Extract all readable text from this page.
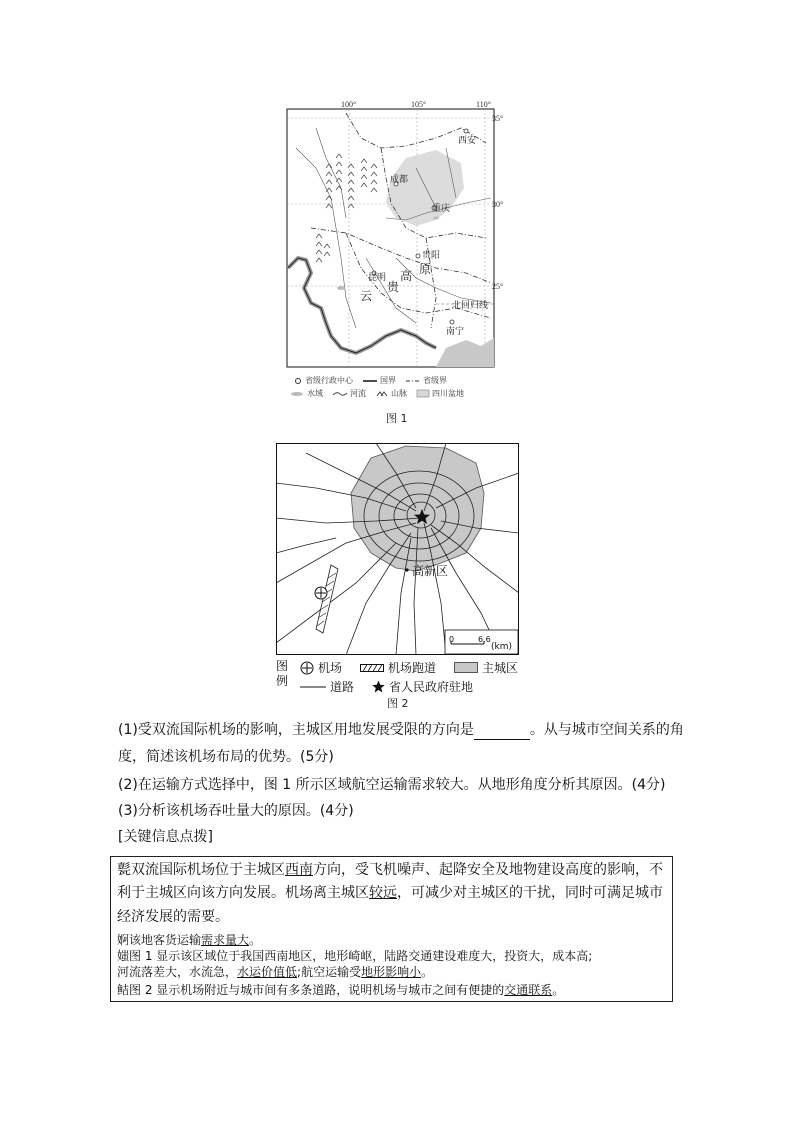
100°	105°	110°
35°
30°
25°
西安
成都
重庆
贵阳
昆明
南宁
云
贵
高 原
北回归线
省级行政中心	国界	省级界
水域	河流	山脉	四川盆地
图 1
高新区
0	6.6
(km)
图例
机场	机场跑道	主城区
道路	省人民政府驻地
图 2
(1)受双流国际机场的影响，主城区用地发展受限的方向是	。从与城市空间关系的角
度，简述该机场布局的优势。(5分)
(2)在运输方式选择中，图 1 所示区域航空运输需求较大。从地形角度分析其原因。(4分)
(3)分析该机场吞吐量大的原因。(4分)
[关键信息点拨]

甏双流国际机场位于主城区西南方向，受飞机噪声、起降安全及地物建设高度的影响，不

利于主城区向该方向发展。机场离主城区较远，可减少对主城区的干扰，同时可满足城市

经济发展的需要。

婀该地客货运输需求量大。

媸图 1 显示该区域位于我国西南地区，地形崎岖，陆路交通建设难度大，投资大，成本高;

河流落差大，水流急，水运价值低;航空运输受地形影响小。

鲒图 2 显示机场附近与城市间有多条道路，说明机场与城市之间有便捷的交通联系。
